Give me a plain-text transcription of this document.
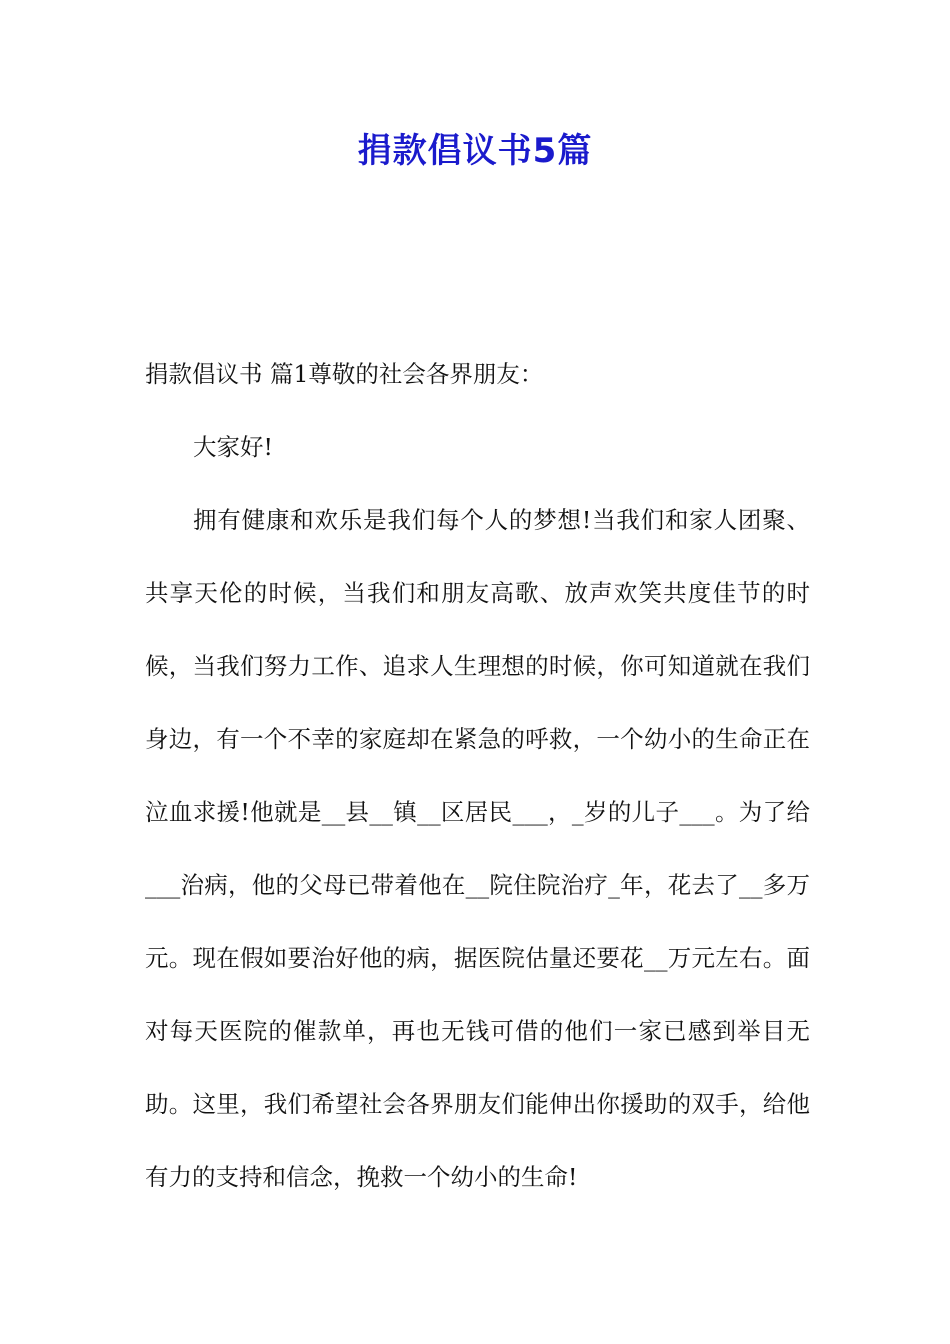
捐款倡议书5篇

捐款倡议书 篇1尊敬的社会各界朋友：

大家好!

拥有健康和欢乐是我们每个人的梦想!当我们和家人团聚、共享天伦的时候，当我们和朋友高歌、放声欢笑共度佳节的时候，当我们努力工作、追求人生理想的时候，你可知道就在我们身边，有一个不幸的家庭却在紧急的呼救，一个幼小的生命正在泣血求援!他就是__县__镇__区居民___，_岁的儿子___。为了给___治病，他的父母已带着他在__院住院治疗_年，花去了__多万元。现在假如要治好他的病，据医院估量还要花__万元左右。面对每天医院的催款单，再也无钱可借的他们一家已感到举目无助。这里，我们希望社会各界朋友们能伸出你援助的双手，给他有力的支持和信念，挽救一个幼小的生命!
